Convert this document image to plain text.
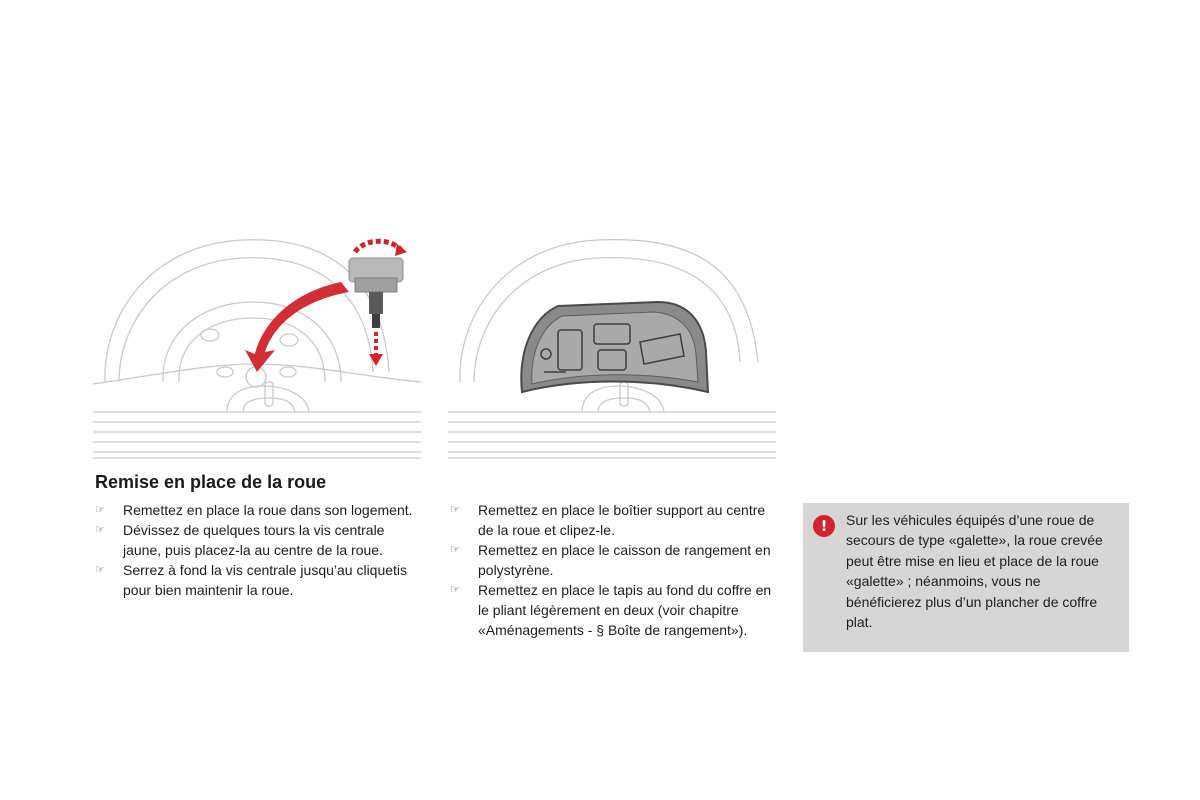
Remise en place de la roue
☞ Remettez en place la roue dans son logement.
☞ Dévissez de quelques tours la vis centrale jaune, puis placez-la au centre de la roue.
☞ Serrez à fond la vis centrale jusqu’au cliquetis pour bien maintenir la roue.
☞ Remettez en place le boîtier support au centre de la roue et clipez-le.
☞ Remettez en place le caisson de rangement en polystyrène.
☞ Remettez en place le tapis au fond du coffre en le pliant légèrement en deux (voir chapitre «Aménagements - § Boîte de rangement»).
!	Sur les véhicules équipés d’une roue de secours de type «galette», la roue crevée peut être mise en lieu et place de la roue «galette» ; néanmoins, vous ne bénéficierez plus d’un plancher de coffre plat.
